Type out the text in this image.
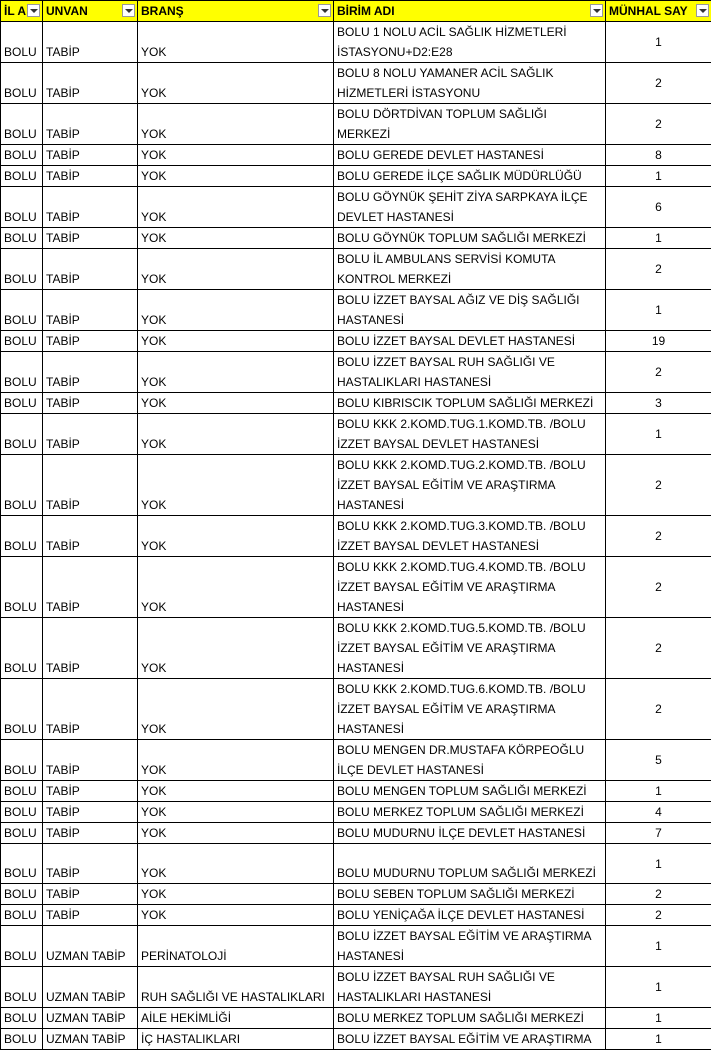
İL A	UNVAN	BRANŞ	BİRİM ADI	MÜNHAL SAY

BOLU	TABİP	YOK	BOLU 1 NOLU ACİL SAĞLIK HİZMETLERİ İSTASYONU+D2:E28	1
BOLU	TABİP	YOK	BOLU 8 NOLU YAMANER ACİL SAĞLIK HİZMETLERİ İSTASYONU	2
BOLU	TABİP	YOK	BOLU DÖRTDİVAN TOPLUM SAĞLIĞI MERKEZİ	2
BOLU	TABİP	YOK	BOLU GEREDE DEVLET HASTANESİ	8
BOLU	TABİP	YOK	BOLU GEREDE İLÇE SAĞLIK MÜDÜRLÜĞÜ	1
BOLU	TABİP	YOK	BOLU GÖYNÜK ŞEHİT ZİYA SARPKAYA İLÇE DEVLET HASTANESİ	6
BOLU	TABİP	YOK	BOLU GÖYNÜK TOPLUM SAĞLIĞI MERKEZİ	1
BOLU	TABİP	YOK	BOLU İL AMBULANS SERVİSİ KOMUTA KONTROL MERKEZİ	2
BOLU	TABİP	YOK	BOLU İZZET BAYSAL AĞIZ VE DİŞ SAĞLIĞI HASTANESİ	1
BOLU	TABİP	YOK	BOLU İZZET BAYSAL DEVLET HASTANESİ	19
BOLU	TABİP	YOK	BOLU İZZET BAYSAL RUH SAĞLIĞI VE HASTALIKLARI HASTANESİ	2
BOLU	TABİP	YOK	BOLU KIBRISCIK TOPLUM SAĞLIĞI MERKEZİ	3
BOLU	TABİP	YOK	BOLU KKK 2.KOMD.TUG.1.KOMD.TB. /BOLU İZZET BAYSAL DEVLET HASTANESİ	1
BOLU	TABİP	YOK	BOLU KKK 2.KOMD.TUG.2.KOMD.TB. /BOLU İZZET BAYSAL EĞİTİM VE ARAŞTIRMA HASTANESİ	2
BOLU	TABİP	YOK	BOLU KKK 2.KOMD.TUG.3.KOMD.TB. /BOLU İZZET BAYSAL DEVLET HASTANESİ	2
BOLU	TABİP	YOK	BOLU KKK 2.KOMD.TUG.4.KOMD.TB. /BOLU İZZET BAYSAL EĞİTİM VE ARAŞTIRMA HASTANESİ	2
BOLU	TABİP	YOK	BOLU KKK 2.KOMD.TUG.5.KOMD.TB. /BOLU İZZET BAYSAL EĞİTİM VE ARAŞTIRMA HASTANESİ	2
BOLU	TABİP	YOK	BOLU KKK 2.KOMD.TUG.6.KOMD.TB. /BOLU İZZET BAYSAL EĞİTİM VE ARAŞTIRMA HASTANESİ	2
BOLU	TABİP	YOK	BOLU MENGEN DR.MUSTAFA KÖRPEOĞLU İLÇE DEVLET HASTANESİ	5
BOLU	TABİP	YOK	BOLU MENGEN TOPLUM SAĞLIĞI MERKEZİ	1
BOLU	TABİP	YOK	BOLU MERKEZ TOPLUM SAĞLIĞI MERKEZİ	4
BOLU	TABİP	YOK	BOLU MUDURNU İLÇE DEVLET HASTANESİ	7
BOLU	TABİP	YOK	BOLU MUDURNU TOPLUM SAĞLIĞI MERKEZİ	1
BOLU	TABİP	YOK	BOLU SEBEN TOPLUM SAĞLIĞI MERKEZİ	2
BOLU	TABİP	YOK	BOLU YENİÇAĞA İLÇE DEVLET HASTANESİ	2
BOLU	UZMAN TABİP	PERİNATOLOJİ	BOLU İZZET BAYSAL EĞİTİM VE ARAŞTIRMA HASTANESİ	1
BOLU	UZMAN TABİP	RUH SAĞLIĞI VE HASTALIKLARI	BOLU İZZET BAYSAL RUH SAĞLIĞI VE HASTALIKLARI HASTANESİ	1
BOLU	UZMAN TABİP	AİLE HEKİMLİĞİ	BOLU MERKEZ TOPLUM SAĞLIĞI MERKEZİ	1
BOLU	UZMAN TABİP	İÇ HASTALIKLARI	BOLU İZZET BAYSAL EĞİTİM VE ARAŞTIRMA	1
